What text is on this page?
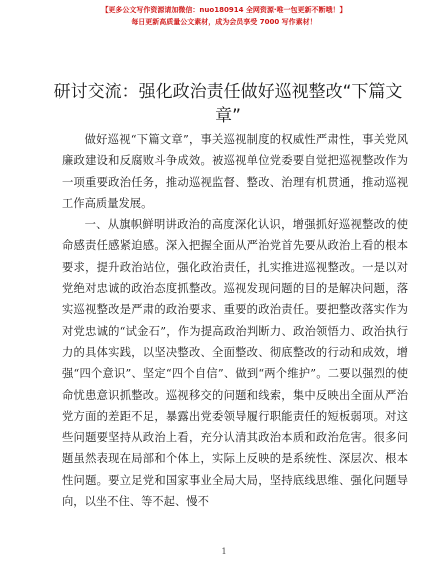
【更多公文写作资源请加微信：nuo180914 全网资源·唯一包更新不断哦！】
每日更新高质量公文素材，成为会员享受 7000 写作素材！
研讨交流：强化政治责任做好巡视整改“下篇文章”

做好巡视“下篇文章”，事关巡视制度的权威性严肃性，事关党风廉政建设和反腐败斗争成效。被巡视单位党委要自觉把巡视整改作为一项重要政治任务，推动巡视监督、整改、治理有机贯通，推动巡视工作高质量发展。

一、从旗帜鲜明讲政治的高度深化认识，增强抓好巡视整改的使命感责任感紧迫感。深入把握全面从严治党首先要从政治上看的根本要求，提升政治站位，强化政治责任，扎实推进巡视整改。一是以对党绝对忠诚的政治态度抓整改。巡视发现问题的目的是解决问题，落实巡视整改是严肃的政治要求、重要的政治责任。要把整改落实作为对党忠诚的“试金石”，作为提高政治判断力、政治领悟力、政治执行力的具体实践，以坚决整改、全面整改、彻底整改的行动和成效，增强“四个意识”、坚定“四个自信”、做到“两个维护”。二要以强烈的使命忧患意识抓整改。巡视移交的问题和线索，集中反映出全面从严治党方面的差距不足，暴露出党委领导履行职能责任的短板弱项。对这些问题要坚持从政治上看，充分认清其政治本质和政治危害。很多问题虽然表现在局部和个体上，实际上反映的是系统性、深层次、根本性问题。要立足党和国家事业全局大局，坚持底线思维、强化问题导向，以坐不住、等不起、慢不

1
